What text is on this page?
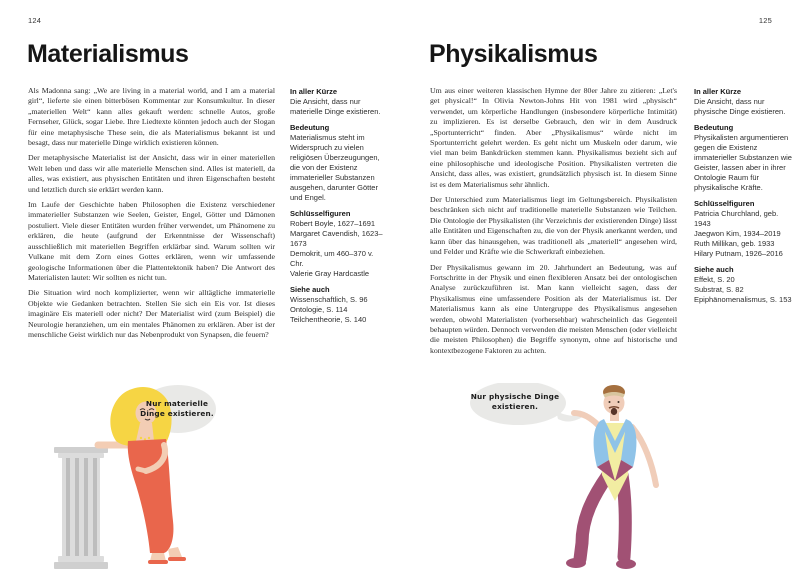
124
Materialismus

Als Madonna sang: „We are living in a material world, and I am a material girl“, lieferte sie einen bitterbösen Kommentar zur Konsumkultur. In dieser „materiellen Welt“ kann alles gekauft werden: schnelle Autos, große Fernseher, Glück, sogar Liebe. Ihre Liedtexte könnten jedoch auch der Slogan für eine metaphysische These sein, die als Materialismus bekannt ist und besagt, dass nur materielle Dinge wirklich existieren können.

Der metaphysische Materialist ist der Ansicht, dass wir in einer materiellen Welt leben und dass wir alle materielle Menschen sind. Alles ist materiell, da alles, was existiert, aus physischen Entitäten und ihren Eigenschaften besteht und letztlich durch sie erklärt werden kann.

Im Laufe der Geschichte haben Philosophen die Existenz verschiedener immaterieller Substanzen wie Seelen, Geister, Engel, Götter und Dämonen postuliert. Viele dieser Entitäten wurden früher verwendet, um Phänomene zu erklären, die heute (aufgrund der Erkenntnisse der Wissenschaft) ausschließlich mit materiellen Begriffen erklärbar sind. Warum sollten wir Vulkane mit dem Zorn eines Gottes erklären, wenn wir umfassende geologische Informationen über die Plattentektonik haben? Die Antwort des Materialisten lautet: Wir sollten es nicht tun.

Die Situation wird noch komplizierter, wenn wir alltägliche immaterielle Objekte wie Gedanken betrachten. Stellen Sie sich ein Eis vor. Ist dieses imaginäre Eis materiell oder nicht? Der Materialist wird (zum Beispiel) die Neurologie heranziehen, um ein mentales Phänomen zu erklären. Aber ist der menschliche Geist wirklich nur das Nebenprodukt von Synapsen, die feuern?

In aller Kürze
Die Ansicht, dass nur materielle Dinge existieren.
Bedeutung
Materialismus steht im Widerspruch zu vielen religiösen Überzeugungen, die von der Existenz immaterieller Substanzen ausgehen, darunter Götter und Engel.
Schlüsselfiguren
Robert Boyle, 1627–1691
Margaret Cavendish, 1623–1673
Demokrit, um 460–370 v. Chr.
Valerie Gray Hardcastle
Siehe auch
Wissenschaftlich, S. 96
Ontologie, S. 114
Teilchentheorie, S. 140
Nur materielle Dinge existieren.
125
Physikalismus

Um aus einer weiteren klassischen Hymne der 80er Jahre zu zitieren: „Let's get physical!“ In Olivia Newton-Johns Hit von 1981 wird „physisch“ verwendet, um körperliche Handlungen (insbesondere körperliche Intimität) zu implizieren. Es ist derselbe Gebrauch, den wir in dem Ausdruck „Sportunterricht“ finden. Aber „Physikalismus“ würde nicht im Sportunterricht gelehrt werden. Es geht nicht um Muskeln oder darum, wie viel man beim Bankdrücken stemmen kann. Physikalismus bezieht sich auf eine philosophische und ideologische Position. Physikalisten vertreten die Ansicht, dass alles, was existiert, grundsätzlich physisch ist. In diesem Sinne ist es dem Materialismus sehr ähnlich.

Der Unterschied zum Materialismus liegt im Geltungsbereich. Physikalisten beschränken sich nicht auf traditionelle materielle Substanzen wie Teilchen. Die Ontologie der Physikalisten (ihr Verzeichnis der existierenden Dinge) lässt alle Entitäten und Eigenschaften zu, die von der Physik anerkannt werden, und kann über das hinausgehen, was traditionell als „materiell“ angesehen wird, und Felder und Kräfte wie die Schwerkraft einbeziehen.

Der Physikalismus gewann im 20. Jahrhundert an Bedeutung, was auf Fortschritte in der Physik und einen flexibleren Ansatz bei der ontologischen Analyse zurückzuführen ist. Man kann vielleicht sagen, dass der Physikalismus eine umfassendere Position als der Materialismus ist. Der Materialismus kann als eine Untergruppe des Physikalismus angesehen werden, obwohl Materialisten (vorhersehbar) wahrscheinlich das Gegenteil behaupten würden. Dennoch verwenden die meisten Menschen (oder vielleicht die meisten Philosophen) die Begriffe synonym, ohne auf historische und kontextbezogene Faktoren zu achten.

In aller Kürze
Die Ansicht, dass nur physische Dinge existieren.
Bedeutung
Physikalisten argumentieren gegen die Existenz immaterieller Substanzen wie Geister, lassen aber in ihrer Ontologie Raum für physikalische Kräfte.
Schlüsselfiguren
Patricia Churchland, geb. 1943
Jaegwon Kim, 1934–2019
Ruth Millikan, geb. 1933
Hilary Putnam, 1926–2016
Siehe auch
Effekt, S. 20
Substrat, S. 82
Epiphänomenalismus, S. 153
Nur physische Dinge existieren.
